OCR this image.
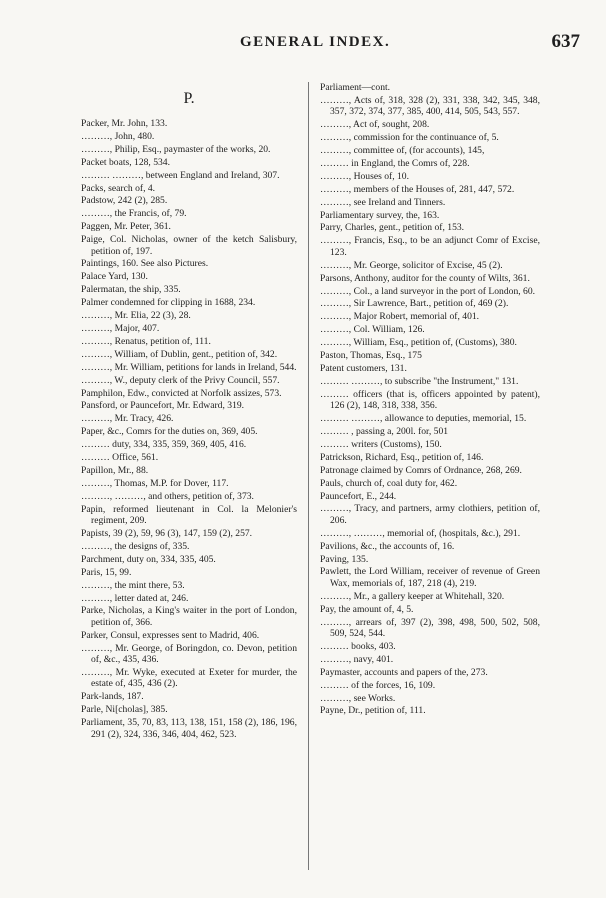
GENERAL INDEX.	637
P.
Packer, Mr. John, 133.
………, John, 480.
………, Philip, Esq., paymaster of the works, 20.
Packet boats, 128, 534.
……… ………, between England and Ireland, 307.
Packs, search of, 4.
Padstow, 242 (2), 285.
………, the Francis, of, 79.
Paggen, Mr. Peter, 361.
Paige, Col. Nicholas, owner of the ketch Salisbury, petition of, 197.
Paintings, 160. See also Pictures.
Palace Yard, 130.
Palermatan, the ship, 335.
Palmer condemned for clipping in 1688, 234.
………, Mr. Elia, 22 (3), 28.
………, Major, 407.
………, Renatus, petition of, 111.
………, William, of Dublin, gent., petition of, 342.
………, Mr. William, petitions for lands in Ireland, 544.
………, W., deputy clerk of the Privy Council, 557.
Pamphilon, Edw., convicted at Norfolk assizes, 573.
Pansford, or Pauncefort, Mr. Edward, 319.
………, Mr. Tracy, 426.
Paper, &c., Comrs for the duties on, 369, 405.
……… duty, 334, 335, 359, 369, 405, 416.
……… Office, 561.
Papillon, Mr., 88.
………, Thomas, M.P. for Dover, 117.
………, ………, and others, petition of, 373.
Papin, reformed lieutenant in Col. la Melonier's regiment, 209.
Papists, 39 (2), 59, 96 (3), 147, 159 (2), 257.
………, the designs of, 335.
Parchment, duty on, 334, 335, 405.
Paris, 15, 99.
………, the mint there, 53.
………, letter dated at, 246.
Parke, Nicholas, a King's waiter in the port of London, petition of, 366.
Parker, Consul, expresses sent to Madrid, 406.
………, Mr. George, of Boringdon, co. Devon, petition of, &c., 435, 436.
………, Mr. Wyke, executed at Exeter for murder, the estate of, 435, 436 (2).
Park-lands, 187.
Parle, Ni[cholas], 385.
Parliament, 35, 70, 83, 113, 138, 151, 158 (2), 186, 196, 291 (2), 324, 336, 346, 404, 462, 523.
Parliament—cont.
………, Acts of, 318, 328 (2), 331, 338, 342, 345, 348, 357, 372, 374, 377, 385, 400, 414, 505, 543, 557.
………, Act of, sought, 208.
………, commission for the continuance of, 5.
………, committee of, (for accounts), 145,
……… in England, the Comrs of, 228.
………, Houses of, 10.
………, members of the Houses of, 281, 447, 572.
………, see Ireland and Tinners.
Parliamentary survey, the, 163.
Parry, Charles, gent., petition of, 153.
………, Francis, Esq., to be an adjunct Comr of Excise, 123.
………, Mr. George, solicitor of Excise, 45 (2).
Parsons, Anthony, auditor for the county of Wilts, 361.
………, Col., a land surveyor in the port of London, 60.
………, Sir Lawrence, Bart., petition of, 469 (2).
………, Major Robert, memorial of, 401.
………, Col. William, 126.
………, William, Esq., petition of, (Customs), 380.
Paston, Thomas, Esq., 175
Patent customers, 131.
……… ………, to subscribe "the Instrument," 131.
……… officers (that is, officers appointed by patent), 126 (2), 148, 318, 338, 356.
……… ………, allowance to deputies, memorial, 15.
……… , passing a, 200l. for, 501
……… writers (Customs), 150.
Patrickson, Richard, Esq., petition of, 146.
Patronage claimed by Comrs of Ordnance, 268, 269.
Pauls, church of, coal duty for, 462.
Pauncefort, E., 244.
………, Tracy, and partners, army clothiers, petition of, 206.
………, ………, memorial of, (hospitals, &c.), 291.
Pavilions, &c., the accounts of, 16.
Paving, 135.
Pawlett, the Lord William, receiver of revenue of Green Wax, memorials of, 187, 218 (4), 219.
………, Mr., a gallery keeper at Whitehall, 320.
Pay, the amount of, 4, 5.
………, arrears of, 397 (2), 398, 498, 500, 502, 508, 509, 524, 544.
……… books, 403.
………, navy, 401.
Paymaster, accounts and papers of the, 273.
……… of the forces, 16, 109.
………, see Works.
Payne, Dr., petition of, 111.
